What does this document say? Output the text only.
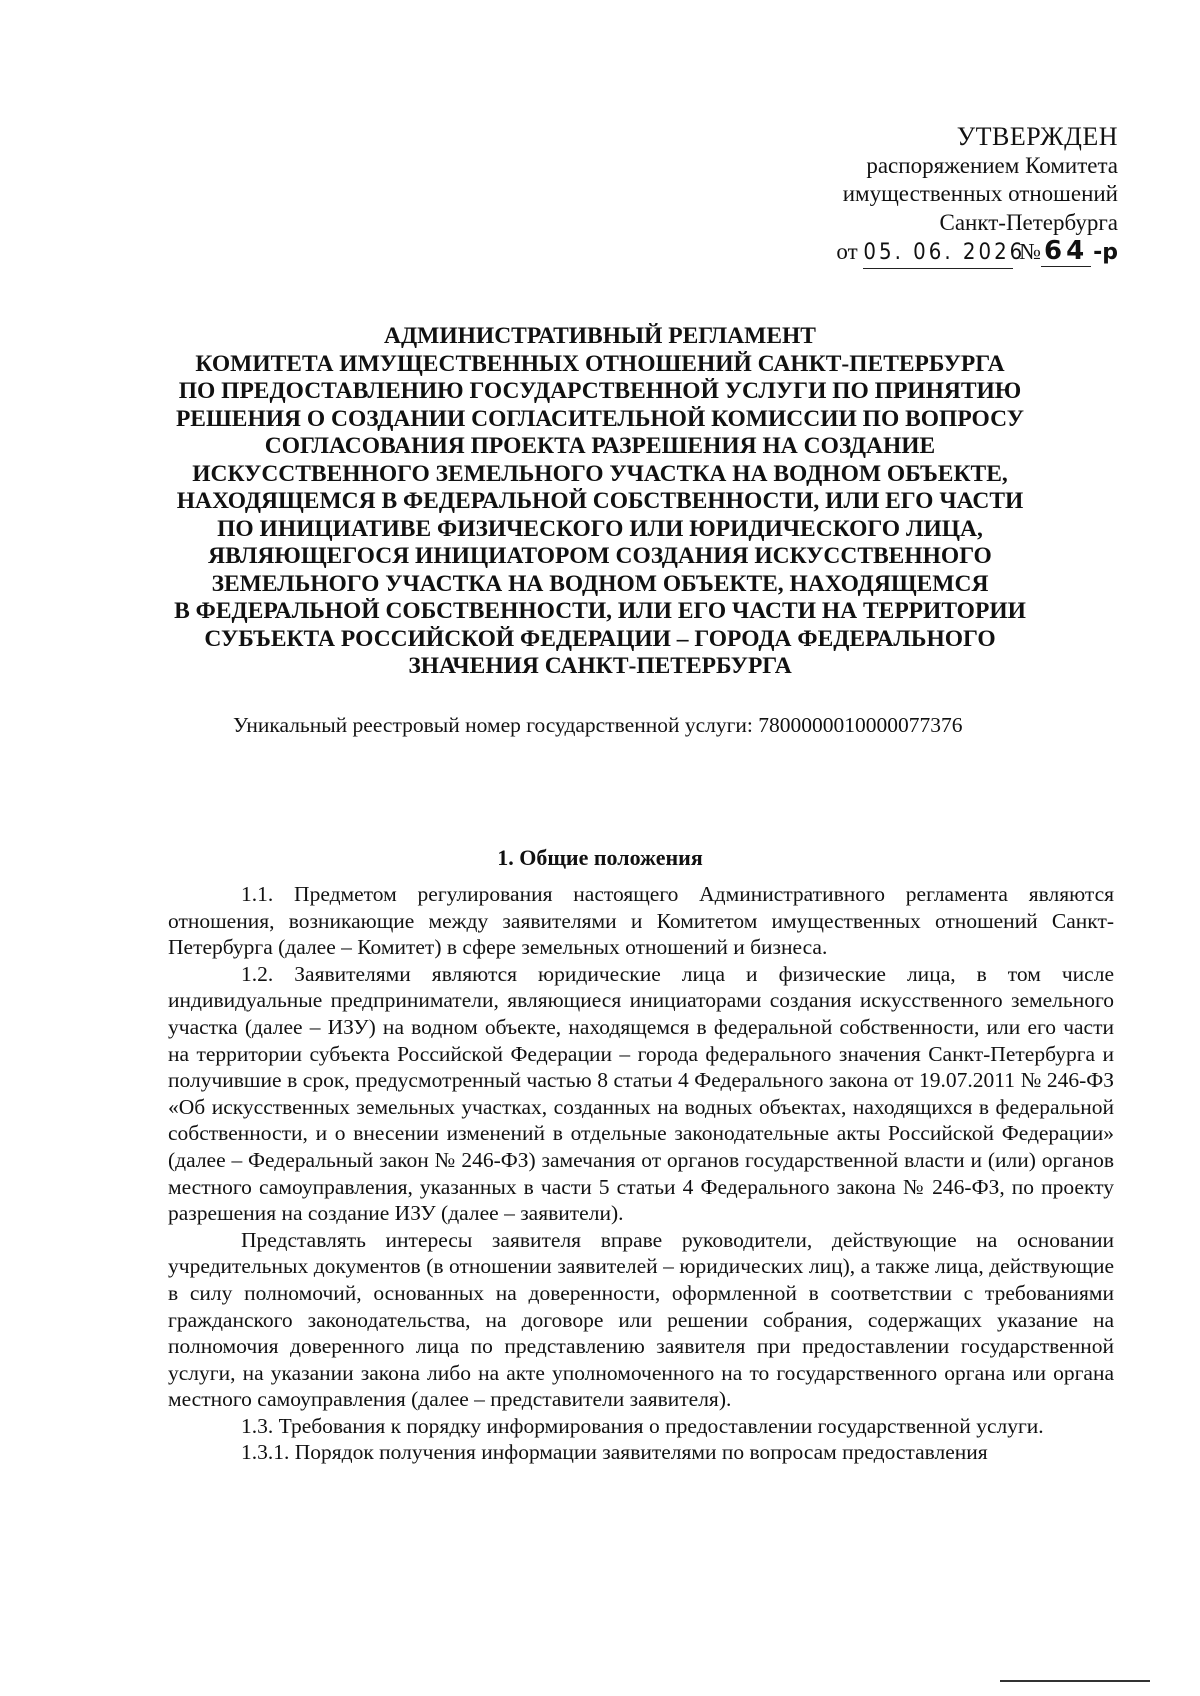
УТВЕРЖДЕН
распоряжением Комитета
имущественных отношений
Санкт-Петербурга
от 05. 06. 2026 № 64 -р
АДМИНИСТРАТИВНЫЙ РЕГЛАМЕНТ
КОМИТЕТА ИМУЩЕСТВЕННЫХ ОТНОШЕНИЙ САНКТ-ПЕТЕРБУРГА
ПО ПРЕДОСТАВЛЕНИЮ ГОСУДАРСТВЕННОЙ УСЛУГИ ПО ПРИНЯТИЮ
РЕШЕНИЯ О СОЗДАНИИ СОГЛАСИТЕЛЬНОЙ КОМИССИИ ПО ВОПРОСУ
СОГЛАСОВАНИЯ ПРОЕКТА РАЗРЕШЕНИЯ НА СОЗДАНИЕ
ИСКУССТВЕННОГО ЗЕМЕЛЬНОГО УЧАСТКА НА ВОДНОМ ОБЪЕКТЕ,
НАХОДЯЩЕМСЯ В ФЕДЕРАЛЬНОЙ СОБСТВЕННОСТИ, ИЛИ ЕГО ЧАСТИ
ПО ИНИЦИАТИВЕ ФИЗИЧЕСКОГО ИЛИ ЮРИДИЧЕСКОГО ЛИЦА,
ЯВЛЯЮЩЕГОСЯ ИНИЦИАТОРОМ СОЗДАНИЯ ИСКУССТВЕННОГО
ЗЕМЕЛЬНОГО УЧАСТКА НА ВОДНОМ ОБЪЕКТЕ, НАХОДЯЩЕМСЯ
В ФЕДЕРАЛЬНОЙ СОБСТВЕННОСТИ, ИЛИ ЕГО ЧАСТИ НА ТЕРРИТОРИИ
СУБЪЕКТА РОССИЙСКОЙ ФЕДЕРАЦИИ – ГОРОДА ФЕДЕРАЛЬНОГО
ЗНАЧЕНИЯ САНКТ-ПЕТЕРБУРГА
Уникальный реестровый номер государственной услуги: 7800000010000077376
1. Общие положения

1.1. Предметом регулирования настоящего Административного регламента являются отношения, возникающие между заявителями и Комитетом имущественных отношений Санкт-Петербурга (далее – Комитет) в сфере земельных отношений и бизнеса.

1.2. Заявителями являются юридические лица и физические лица, в том числе индивидуальные предприниматели, являющиеся инициаторами создания искусственного земельного участка (далее – ИЗУ) на водном объекте, находящемся в федеральной собственности, или его части на территории субъекта Российской Федерации – города федерального значения Санкт-Петербурга и получившие в срок, предусмотренный частью 8 статьи 4 Федерального закона от 19.07.2011 № 246-ФЗ «Об искусственных земельных участках, созданных на водных объектах, находящихся в федеральной собственности, и о внесении изменений в отдельные законодательные акты Российской Федерации» (далее – Федеральный закон № 246-ФЗ) замечания от органов государственной власти и (или) органов местного самоуправления, указанных в части 5 статьи 4 Федерального закона № 246-ФЗ, по проекту разрешения на создание ИЗУ (далее – заявители).

Представлять интересы заявителя вправе руководители, действующие на основании учредительных документов (в отношении заявителей – юридических лиц), а также лица, действующие в силу полномочий, основанных на доверенности, оформленной в соответствии с требованиями гражданского законодательства, на договоре или решении собрания, содержащих указание на полномочия доверенного лица по представлению заявителя при предоставлении государственной услуги, на указании закона либо на акте уполномоченного на то государственного органа или органа местного самоуправления (далее – представители заявителя).

1.3. Требования к порядку информирования о предоставлении государственной услуги.

1.3.1. Порядок получения информации заявителями по вопросам предоставления
